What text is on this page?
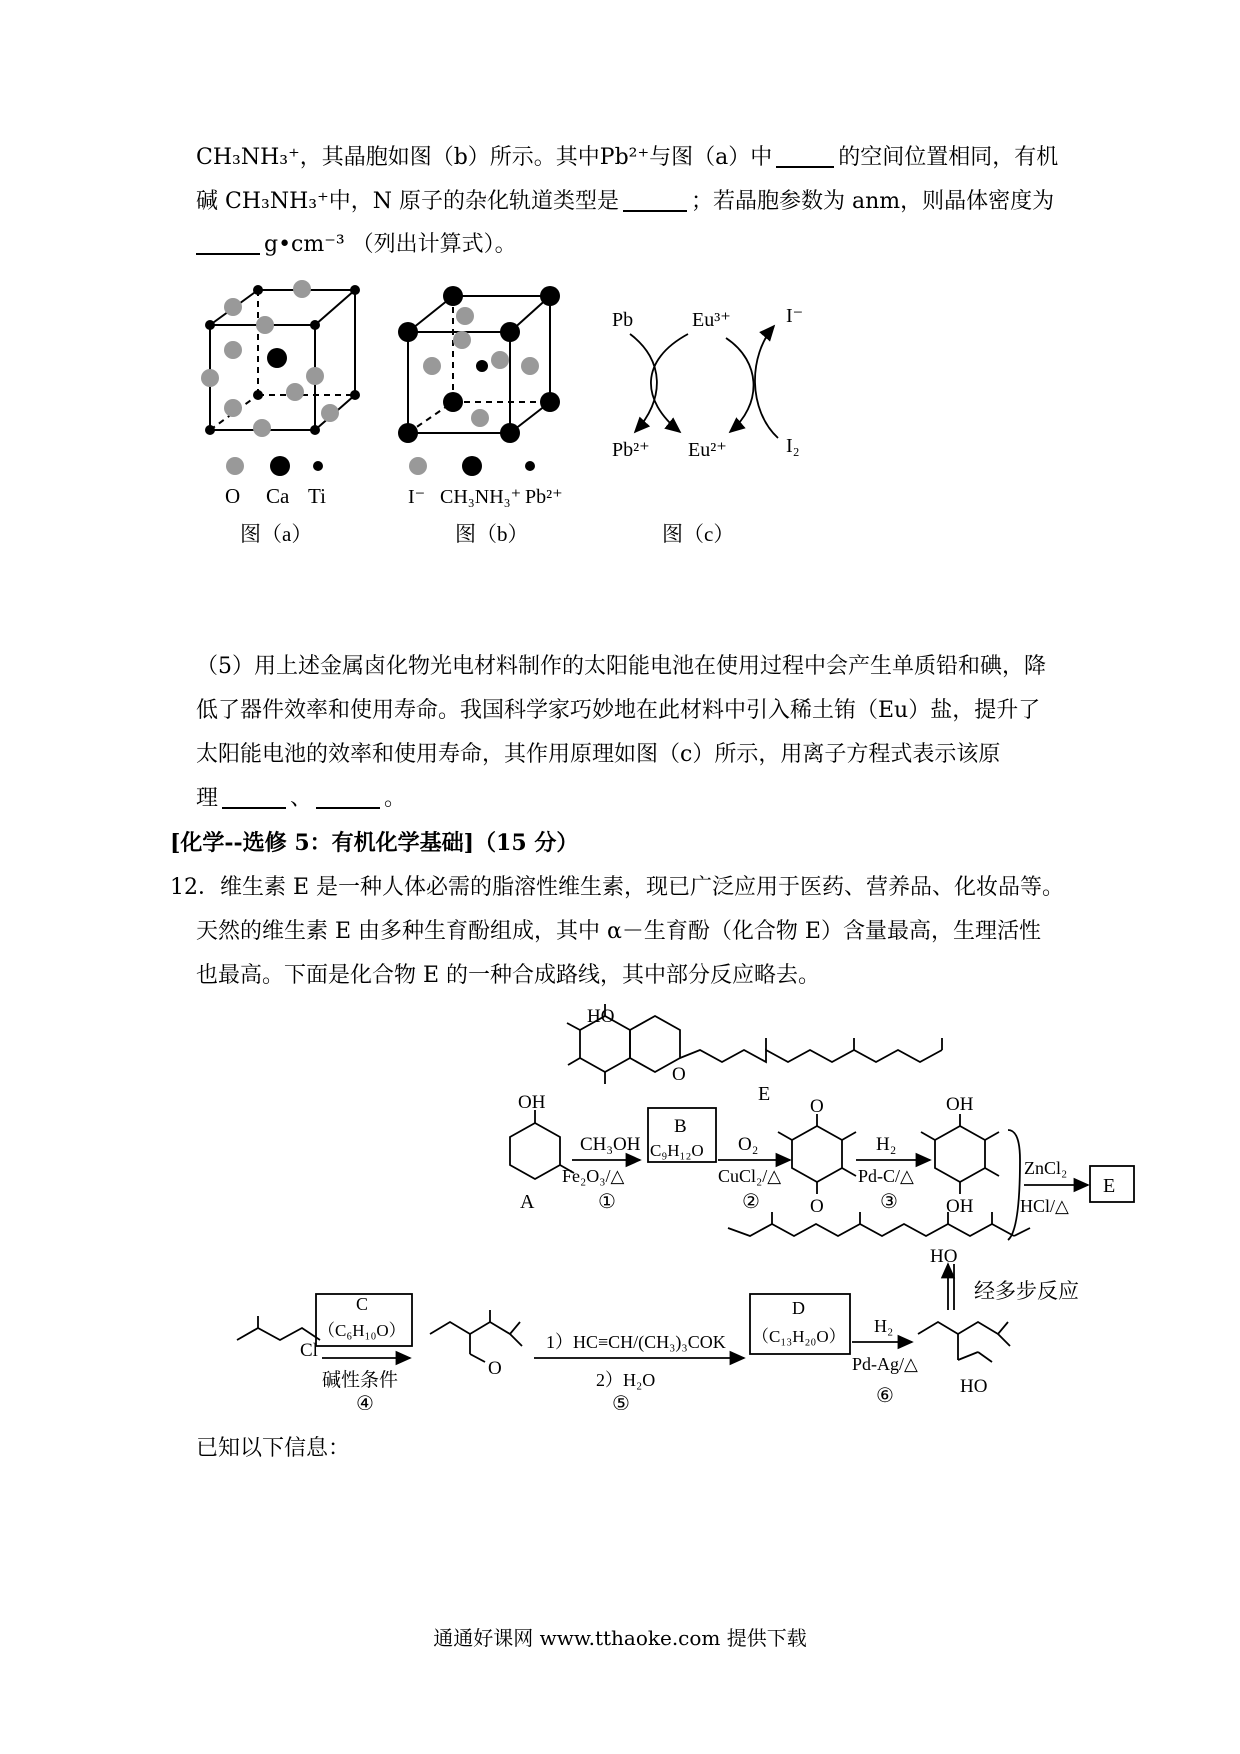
CH₃NH₃⁺，其晶胞如图（b）所示。其中Pb²⁺与图（a）中	的空间位置相同，有机
碱 CH₃NH₃⁺中，N 原子的杂化轨道类型是	；若晶胞参数为 anm，则晶体密度为
g•cm⁻³ （列出计算式）。
O Ca Ti
图（a）
I⁻ CH₃NH₃⁺ Pb²⁺
图（b）
Pb	Eu³⁺	I⁻
Pb²⁺ Eu²⁺	I₂
图（c）
（5）用上述金属卤化物光电材料制作的太阳能电池在使用过程中会产生单质铅和碘，降
低了器件效率和使用寿命。我国科学家巧妙地在此材料中引入稀土铕（Eu）盐，提升了
太阳能电池的效率和使用寿命，其作用原理如图（c）所示，用离子方程式表示该原
理	、	。
[化学--选修 5：有机化学基础]（15 分）
12．维生素 E 是一种人体必需的脂溶性维生素，现已广泛应用于医药、营养品、化妆品等。
天然的维生素 E 由多种生育酚组成，其中 α－生育酚（化合物 E）含量最高，生理活性
也最高。下面是化合物 E 的一种合成路线，其中部分反应略去。
HO
O
E
OH
A
CH₃OH
Fe₂O₃/△
①
B
C₉H₁₂O O₂
CuCl₂/△
②
O
O
H₂
Pd-C/△
③
OH
OH
ZnCl₂
HCl/△
E
HO
经多步反应
Cl
C
（C₆H₁₀O）
碱性条件
④
O
1）HC≡CH/(CH₃)₃COK
2）H₂O
⑤
D
（C₁₃H₂₀O）
H₂
Pd-Ag/△
⑥	HO
已知以下信息：
通通好课网 www.tthaoke.com 提供下载
